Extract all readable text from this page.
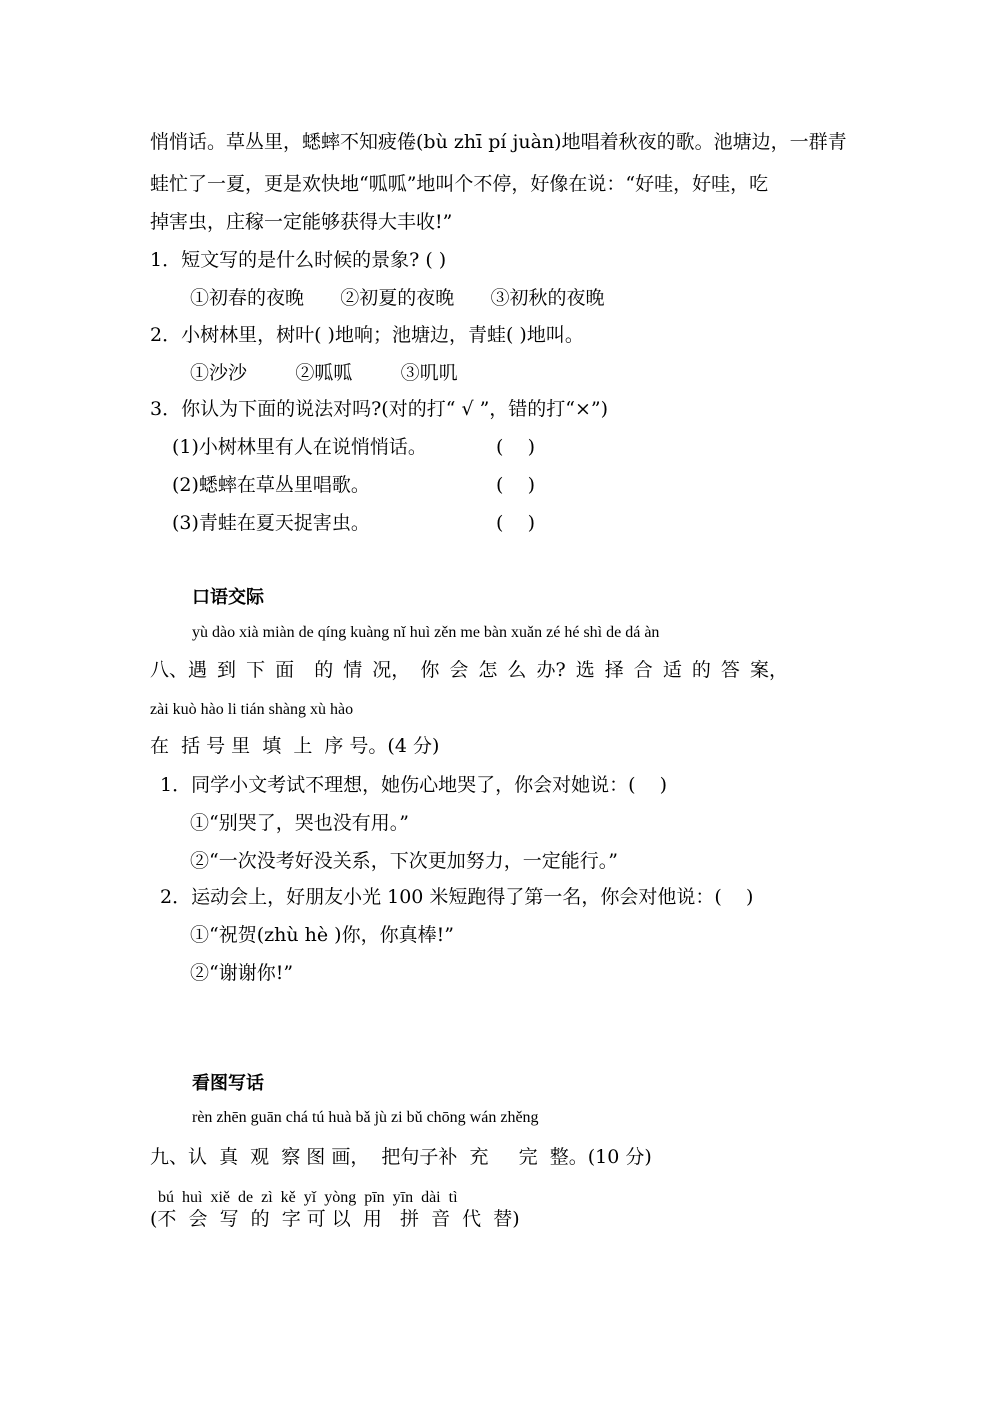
悄悄话。草丛里，蟋蟀不知疲倦(bù zhī pí juàn)地唱着秋夜的歌。池塘边，一群青
蛙忙了一夏，更是欢快地“呱呱”地叫个不停，好像在说：“好哇，好哇，吃
掉害虫，庄稼一定能够获得大丰收!”
1．短文写的是什么时候的景象? ( )
①初春的夜晚      ②初夏的夜晚      ③初秋的夜晚
2．小树林里，树叶( )地响；池塘边，青蛙( )地叫。
①沙沙        ②呱呱        ③叽叽
3．你认为下面的说法对吗?(对的打“ √ ”，错的打“×”)
(1)小树林里有人在说悄悄话。	(    )
(2)蟋蟀在草丛里唱歌。	(    )
(3)青蛙在夏天捉害虫。	(    )
口语交际
yù dào xià miàn de qíng kuàng nǐ huì zěn me bàn xuǎn zé hé shì de dá àn
八、遇 到 下 面  的 情 况， 你 会 怎 么 办? 选 择 合 适 的 答 案，
zài kuò hào li tián shàng xù hào
在  括 号 里  填  上  序 号。(4 分)
1．同学小文考试不理想，她伤心地哭了，你会对她说：(    )
①“别哭了，哭也没有用。”
②“一次没考好没关系，下次更加努力，一定能行。”
2．运动会上，好朋友小光 100 米短跑得了第一名，你会对他说：(    )
①“祝贺(zhù hè )你，你真棒!”
②“谢谢你!”
看图写话
rèn zhēn guān chá tú huà bǎ jù zi bǔ chōng wán zhěng
九、认  真  观  察 图 画，  把句子补  充     完  整。(10 分)
bú  huì  xiě  de  zì  kě  yǐ  yòng  pīn  yīn  dài  tì
(不  会  写  的  字 可 以  用   拼  音  代  替)
